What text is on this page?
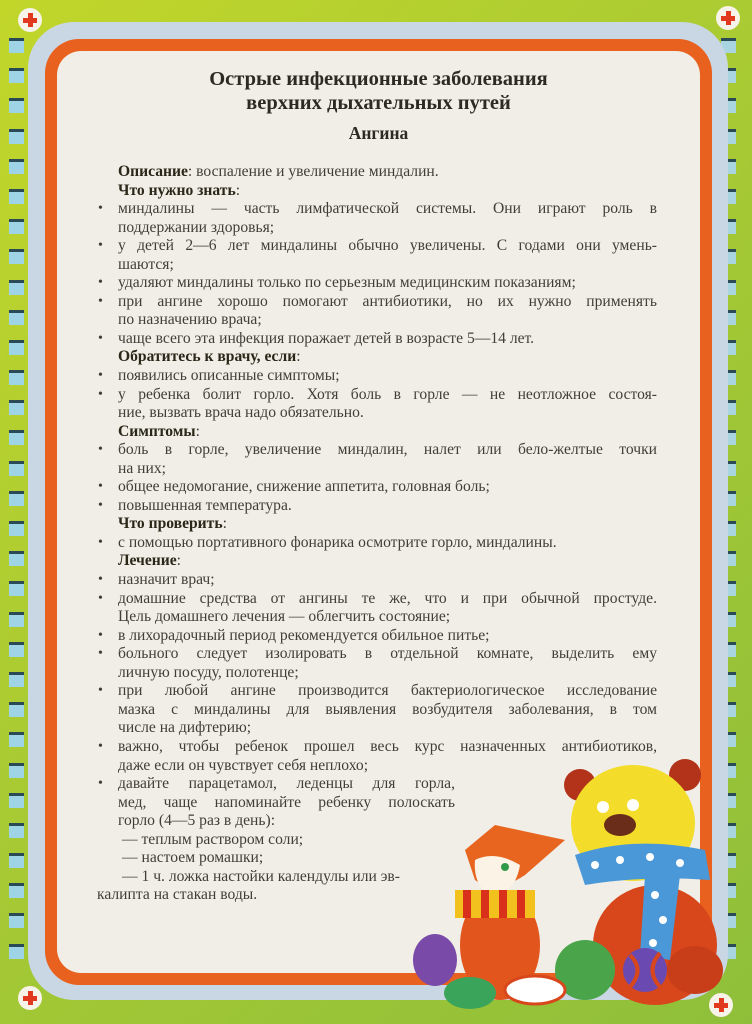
Острые инфекционные заболевания
верхних дыхательных путей
Ангина
Описание: воспаление и увеличение миндалин.
Что нужно знать:
• миндалины — часть лимфатической системы. Они играют роль в
поддержании здоровья;
• у детей 2—6 лет миндалины обычно увеличены. С годами они умень-
шаются;
• удаляют миндалины только по серьезным медицинским показаниям;
• при ангине хорошо помогают антибиотики, но их нужно применять
по назначению врача;
• чаще всего эта инфекция поражает детей в возрасте 5—14 лет.
Обратитесь к врачу, если:
• появились описанные симптомы;
• у ребенка болит горло. Хотя боль в горле — не неотложное состоя-
ние, вызвать врача надо обязательно.
Симптомы:
• боль в горле, увеличение миндалин, налет или бело-желтые точки
на них;
• общее недомогание, снижение аппетита, головная боль;
• повышенная температура.
Что проверить:
• с помощью портативного фонарика осмотрите горло, миндалины.
Лечение:
• назначит врач;
• домашние средства от ангины те же, что и при обычной простуде.
Цель домашнего лечения — облегчить состояние;
• в лихорадочный период рекомендуется обильное питье;
• больного следует изолировать в отдельной комнате, выделить ему
личную посуду, полотенце;
• при любой ангине производится бактериологическое исследование
мазка с миндалины для выявления возбудителя заболевания, в том
числе на дифтерию;
• важно, чтобы ребенок прошел весь курс назначенных антибиотиков,
даже если он чувствует себя неплохо;
• давайте парацетамол, леденцы для горла,
мед, чаще напоминайте ребенку полоскать
горло (4—5 раз в день):
— теплым раствором соли;
— настоем ромашки;
— 1 ч. ложка настойки календулы или эв-
калипта на стакан воды.
